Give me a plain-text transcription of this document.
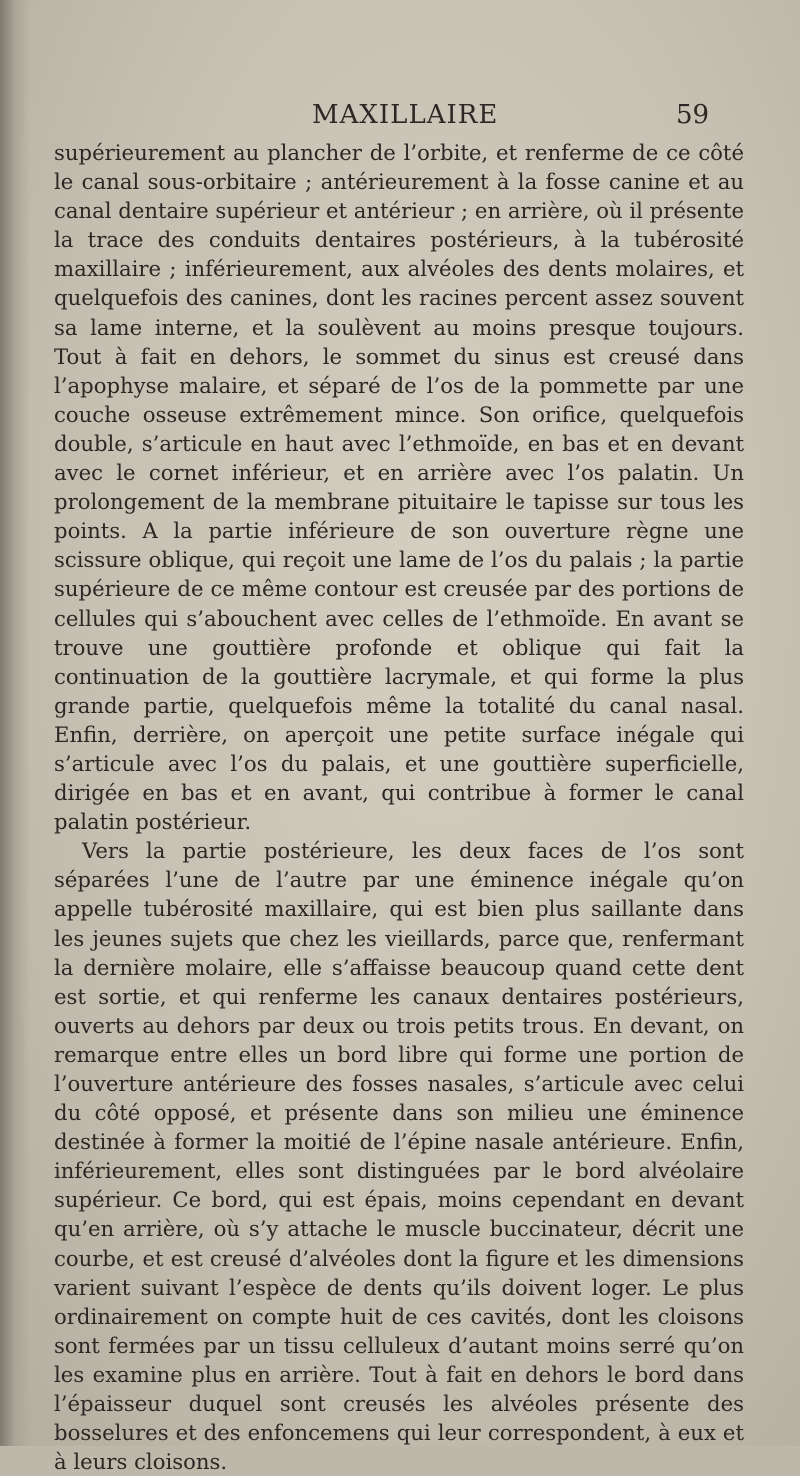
MAXILLAIRE	59

supérieurement au plancher de l’orbite, et renferme de ce côté le canal sous-orbitaire ; antérieurement à la fosse canine et au canal dentaire supérieur et antérieur ; en arrière, où il présente la trace des conduits dentaires postérieurs, à la tubérosité maxillaire ; inférieurement, aux alvéoles des dents molaires, et quelquefois des canines, dont les racines percent assez souvent sa lame interne, et la soulèvent au moins presque toujours. Tout à fait en dehors, le sommet du sinus est creusé dans l’apophyse malaire, et séparé de l’os de la pommette par une couche osseuse extrêmement mince. Son orifice, quelquefois double, s’articule en haut avec l’ethmoïde, en bas et en devant avec le cornet inférieur, et en arrière avec l’os palatin. Un prolongement de la membrane pituitaire le tapisse sur tous les points. A la partie inférieure de son ouverture règne une scissure oblique, qui reçoit une lame de l’os du palais ; la partie supérieure de ce même contour est creusée par des portions de cellules qui s’abouchent avec celles de l’ethmoïde. En avant se trouve une gouttière profonde et oblique qui fait la continuation de la gouttière lacrymale, et qui forme la plus grande partie, quelquefois même la totalité du canal nasal. Enfin, derrière, on aperçoit une petite surface inégale qui s’articule avec l’os du palais, et une gouttière superficielle, dirigée en bas et en avant, qui contribue à former le canal palatin postérieur.

Vers la partie postérieure, les deux faces de l’os sont séparées l’une de l’autre par une éminence inégale qu’on appelle tubérosité maxillaire, qui est bien plus saillante dans les jeunes sujets que chez les vieillards, parce que, renfermant la dernière molaire, elle s’affaisse beaucoup quand cette dent est sortie, et qui renferme les canaux dentaires postérieurs, ouverts au dehors par deux ou trois petits trous. En devant, on remarque entre elles un bord libre qui forme une portion de l’ouverture antérieure des fosses nasales, s’articule avec celui du côté opposé, et présente dans son milieu une éminence destinée à former la moitié de l’épine nasale antérieure. Enfin, inférieurement, elles sont distinguées par le bord alvéolaire supérieur. Ce bord, qui est épais, moins cependant en devant qu’en arrière, où s’y attache le muscle buccinateur, décrit une courbe, et est creusé d’alvéoles dont la figure et les dimensions varient suivant l’espèce de dents qu’ils doivent loger. Le plus ordinairement on compte huit de ces cavités, dont les cloisons sont fermées par un tissu celluleux d’autant moins serré qu’on les examine plus en arrière. Tout à fait en dehors le bord dans l’épaisseur duquel sont creusés les alvéoles présente des bosselures et des enfoncemens qui leur correspondent, à eux et à leurs cloisons.
